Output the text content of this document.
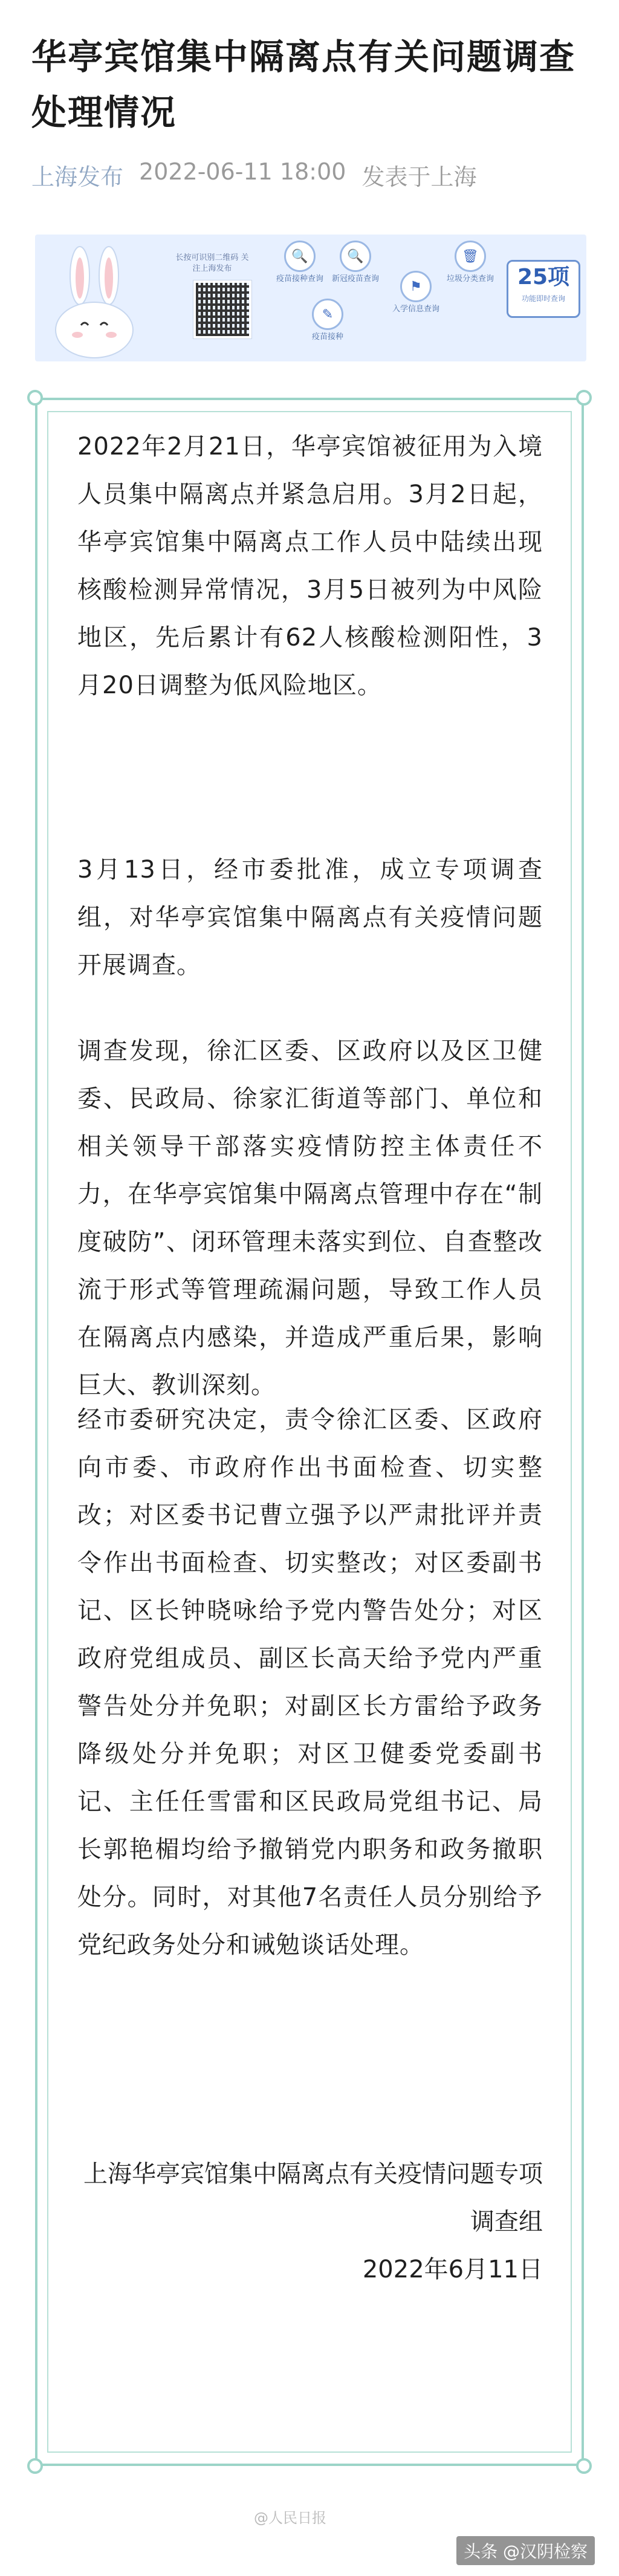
华亭宾馆集中隔离点有关问题调查处理情况
上海发布 2022-06-11 18:00 发表于上海
长按可识别二维码 关注上海发布
🔍
疫苗接种查询
🔍
新冠疫苗查询
✎
疫苗接种
⚑
入学信息查询
🗑
垃圾分类查询	25项
功能即时查询

2022年2月21日，华亭宾馆被征用为入境人员集中隔离点并紧急启用。3月2日起，华亭宾馆集中隔离点工作人员中陆续出现核酸检测异常情况，3月5日被列为中风险地区，先后累计有62人核酸检测阳性，3月20日调整为低风险地区。

3月13日，经市委批准，成立专项调查组，对华亭宾馆集中隔离点有关疫情问题开展调查。

调查发现，徐汇区委、区政府以及区卫健委、民政局、徐家汇街道等部门、单位和相关领导干部落实疫情防控主体责任不力，在华亭宾馆集中隔离点管理中存在“制度破防”、闭环管理未落实到位、自查整改流于形式等管理疏漏问题，导致工作人员在隔离点内感染，并造成严重后果，影响巨大、教训深刻。

经市委研究决定，责令徐汇区委、区政府向市委、市政府作出书面检查、切实整改；对区委书记曹立强予以严肃批评并责令作出书面检查、切实整改；对区委副书记、区长钟晓咏给予党内警告处分；对区政府党组成员、副区长高天给予党内严重警告处分并免职；对副区长方雷给予政务降级处分并免职；对区卫健委党委副书记、主任任雪雷和区民政局党组书记、局长郭艳楣均给予撤销党内职务和政务撤职处分。同时，对其他7名责任人员分别给予党纪政务处分和诫勉谈话处理。

上海华亭宾馆集中隔离点有关疫情问题专项调查组
2022年6月11日
@人民日报
头条 @汉阴检察
